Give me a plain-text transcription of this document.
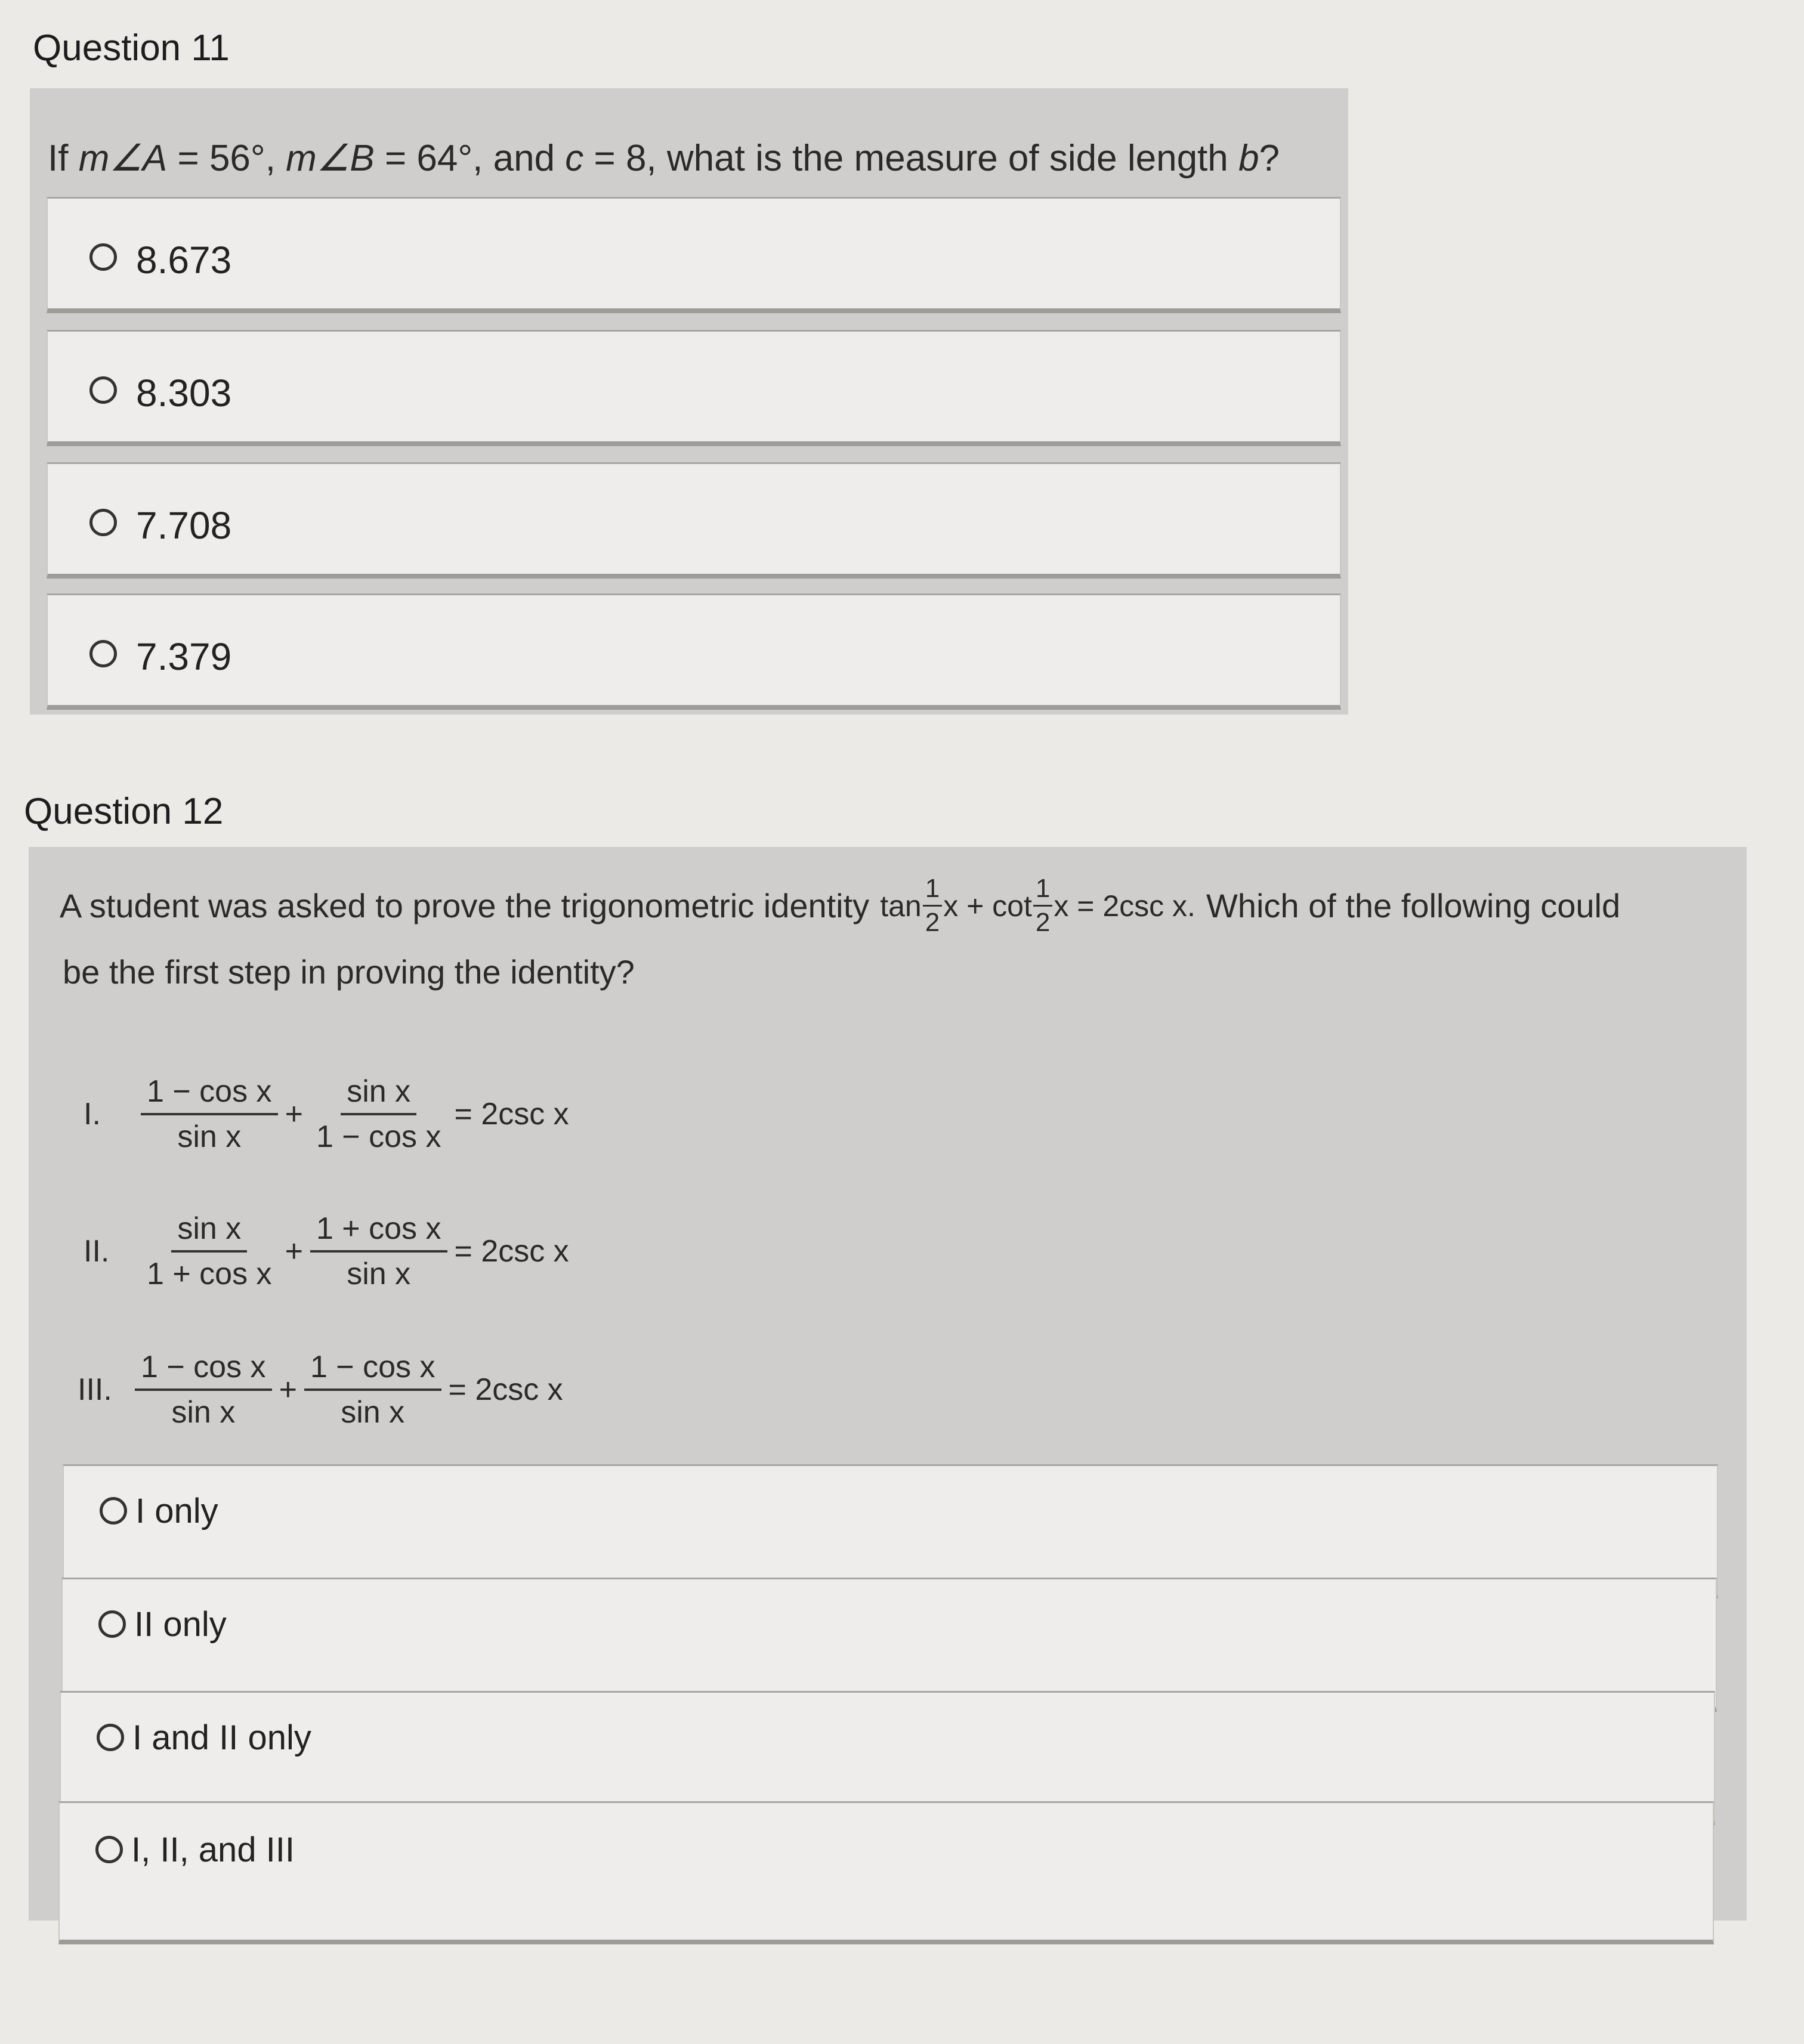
Question 11
If m∠A = 56°, m∠B = 64°, and c = 8, what is the measure of side length b?
8.673
8.303
7.708
7.379
Question 12
A student was asked to prove the trigonometric identity $\tan \frac{1}{2}$ $x + \cot \frac{1}{2}$ x = 2csc x. Which of the following could
be the first step in proving the identity?
I.	$\frac{\text{1 − cos x}}{\text{sin x}} + \frac{\text{sin x}}{\text{1 − cos x}} = 2\csc$ x
II.	$\frac{\text{sin x}}{\text{1 + cos x}} + \frac{\text{1 + cos x}}{\text{sin x}} = 2\csc$ x
III. $\frac{\text{1 − cos x}}{\text{sin x}} + \frac{\text{1 − cos x}}{\text{sin x}} = 2\csc$ x
I only
II only
I and II only
I, II, and III
